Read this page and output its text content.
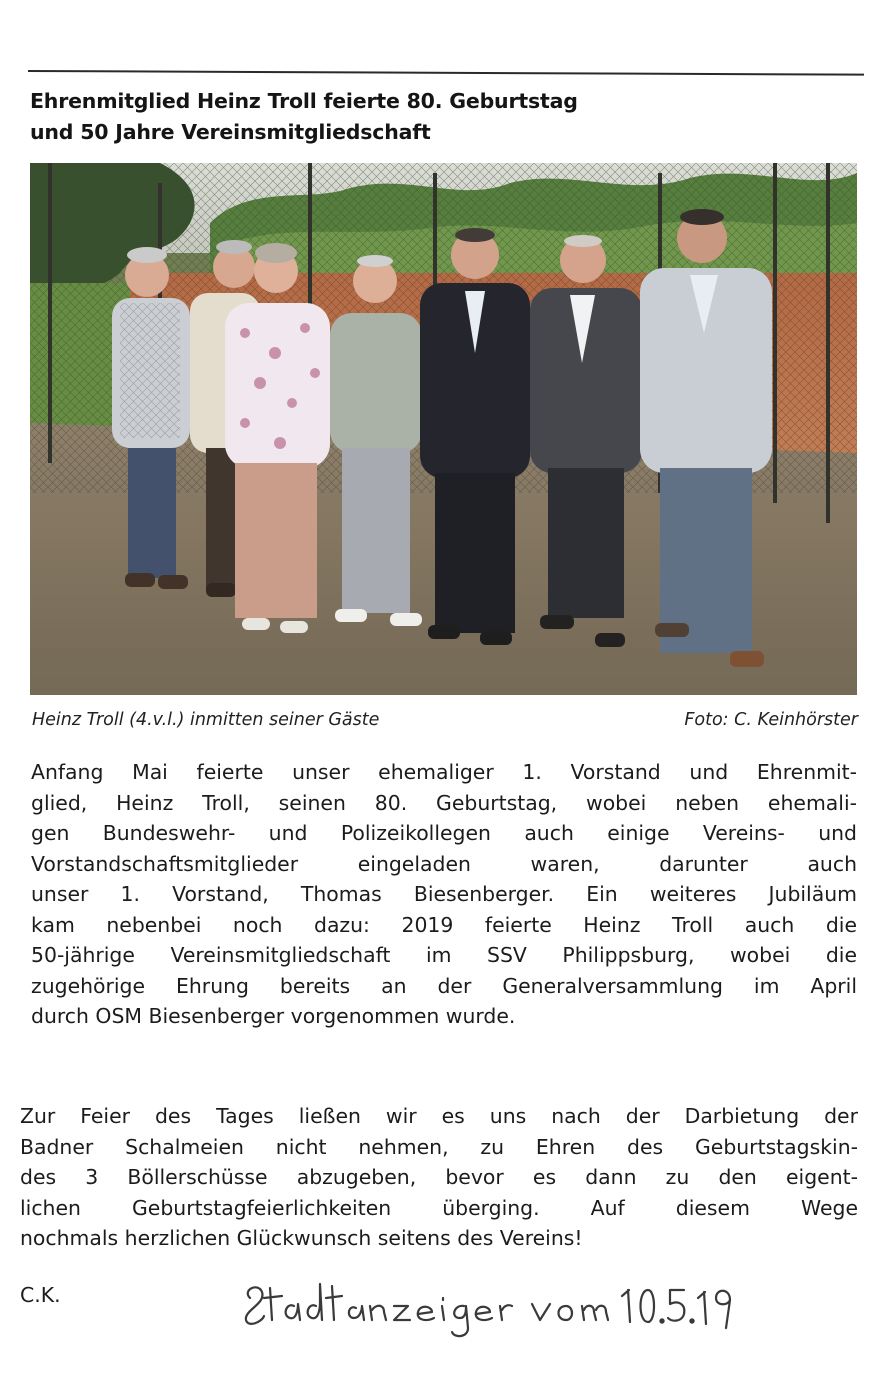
Ehrenmitglied Heinz Troll feierte 80. Geburtstag
und 50 Jahre Vereinsmitgliedschaft
Heinz Troll (4.v.l.) inmitten seiner Gäste	Foto: C. Keinhörster
Anfang Mai feierte unser ehemaliger 1. Vorstand und Ehrenmit-
glied, Heinz Troll, seinen 80. Geburtstag, wobei neben ehemali-
gen Bundeswehr- und Polizeikollegen auch einige Vereins- und
Vorstandschaftsmitglieder eingeladen waren, darunter auch
unser 1. Vorstand, Thomas Biesenberger. Ein weiteres Jubiläum
kam nebenbei noch dazu: 2019 feierte Heinz Troll auch die
50-jährige Vereinsmitgliedschaft im SSV Philippsburg, wobei die
zugehörige Ehrung bereits an der Generalversammlung im April
durch OSM Biesenberger vorgenommen wurde.
Zur Feier des Tages ließen wir es uns nach der Darbietung der
Badner Schalmeien nicht nehmen, zu Ehren des Geburtstagskin-
des 3 Böllerschüsse abzugeben, bevor es dann zu den eigent-
lichen Geburtstagfeierlichkeiten überging. Auf diesem Wege
nochmals herzlichen Glückwunsch seitens des Vereins!
C.K.
